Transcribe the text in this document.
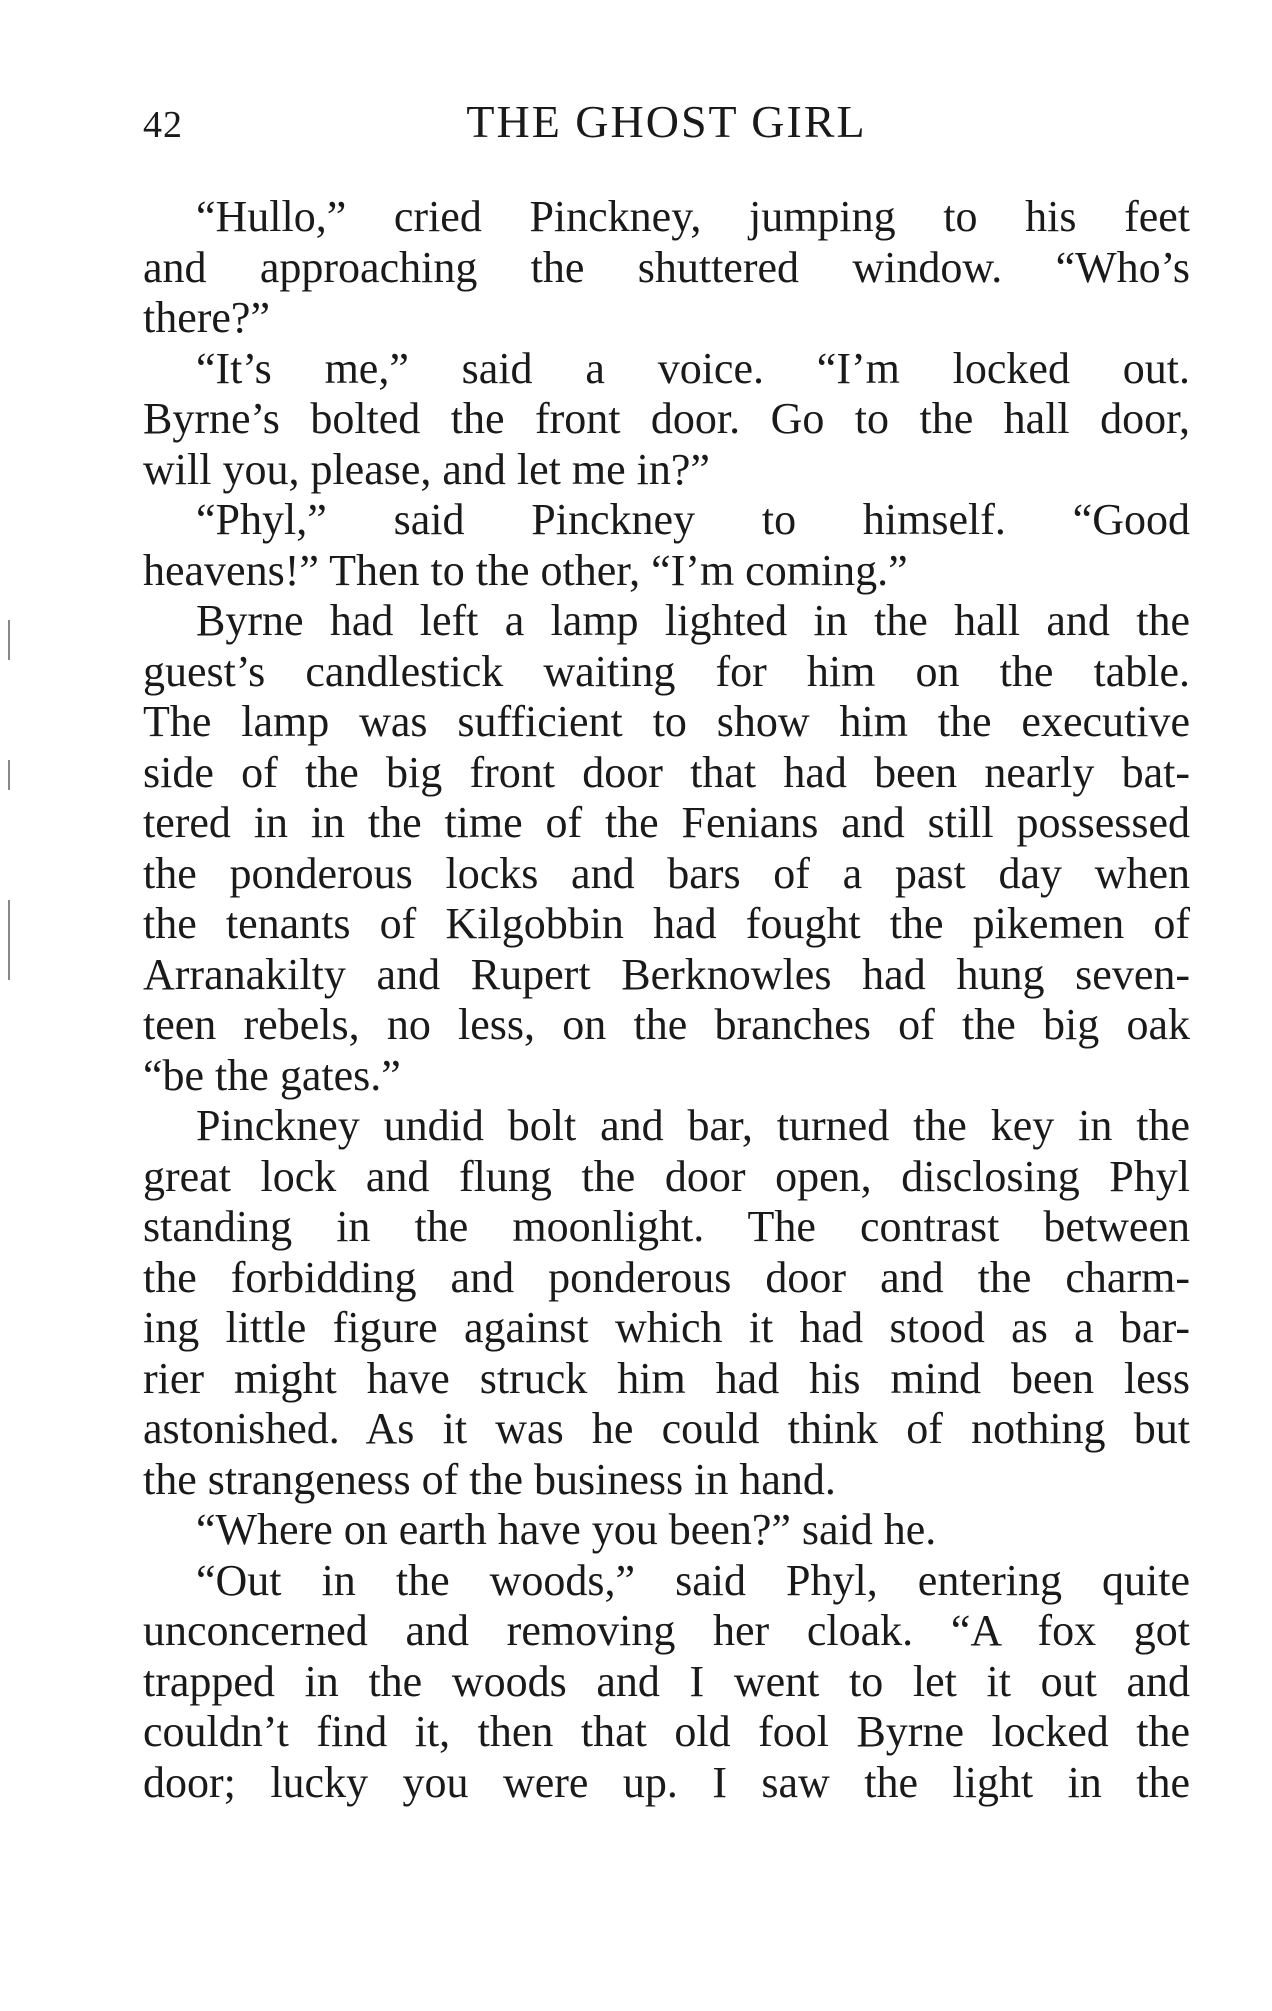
42	THE GHOST GIRL
“Hullo,” cried Pinckney, jumping to his feet
and approaching the shuttered window. “Who’s
there?”
“It’s me,” said a voice. “I’m locked out.
Byrne’s bolted the front door. Go to the hall door,
will you, please, and let me in?”
“Phyl,” said Pinckney to himself. “Good
heavens!” Then to the other, “I’m coming.”
Byrne had left a lamp lighted in the hall and the
guest’s candlestick waiting for him on the table.
The lamp was sufficient to show him the executive
side of the big front door that had been nearly bat-
tered in in the time of the Fenians and still possessed
the ponderous locks and bars of a past day when
the tenants of Kilgobbin had fought the pikemen of
Arranakilty and Rupert Berknowles had hung seven-
teen rebels, no less, on the branches of the big oak
“be the gates.”
Pinckney undid bolt and bar, turned the key in the
great lock and flung the door open, disclosing Phyl
standing in the moonlight. The contrast between
the forbidding and ponderous door and the charm-
ing little figure against which it had stood as a bar-
rier might have struck him had his mind been less
astonished. As it was he could think of nothing but
the strangeness of the business in hand.
“Where on earth have you been?” said he.
“Out in the woods,” said Phyl, entering quite
unconcerned and removing her cloak. “A fox got
trapped in the woods and I went to let it out and
couldn’t find it, then that old fool Byrne locked the
door; lucky you were up. I saw the light in the
